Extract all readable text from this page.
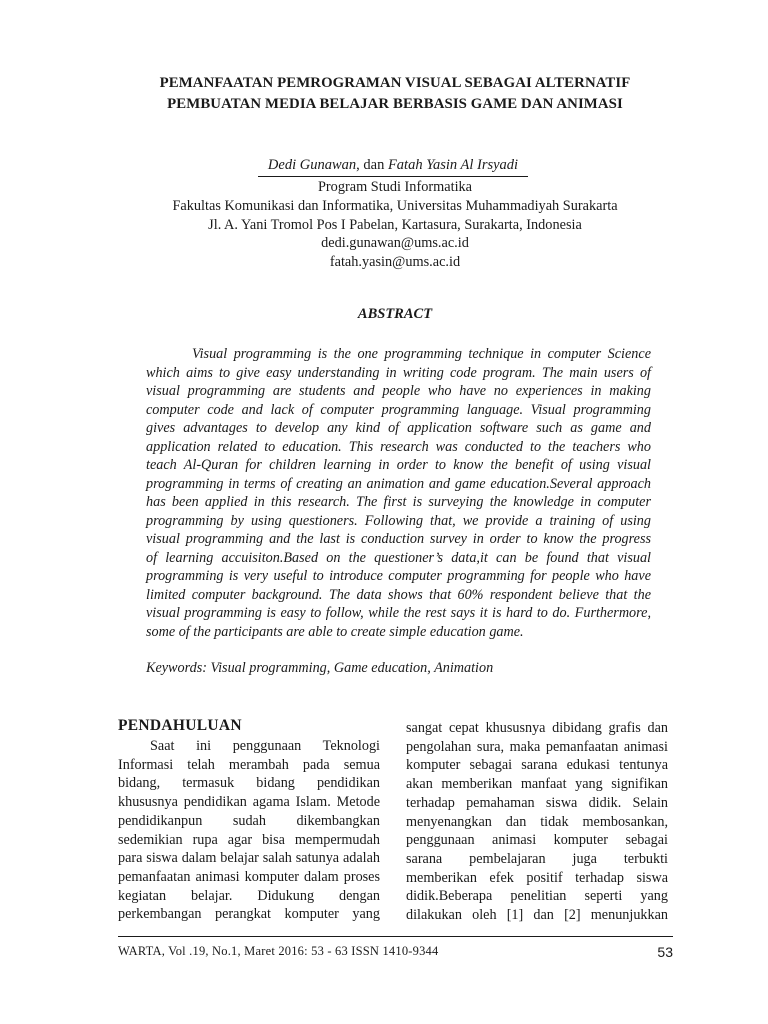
PEMANFAATAN PEMROGRAMAN VISUAL SEBAGAI ALTERNATIF
PEMBUATAN MEDIA BELAJAR BERBASIS GAME DAN ANIMASI
Dedi Gunawan, dan Fatah Yasin Al Irsyadi
Program Studi Informatika
Fakultas Komunikasi dan Informatika, Universitas Muhammadiyah Surakarta
Jl. A. Yani Tromol Pos I Pabelan, Kartasura, Surakarta, Indonesia
dedi.gunawan@ums.ac.id
fatah.yasin@ums.ac.id
ABSTRACT
Visual programming is the one programming technique in computer Science
which aims to give easy understanding in writing code program. The main users of
visual programming are students and people who have no experiences in making
computer code and lack of computer programming language. Visual programming
gives advantages to develop any kind of application software such as game and
application related to education. This research was conducted to the teachers who
teach Al-Quran for children learning in order to know the benefit of using visual
programming in terms of creating an animation and game education.Several approach
has been applied in this research. The first is surveying the knowledge in computer
programming by using questioners. Following that, we provide a training of using
visual programming and the last is conduction survey in order to know the progress
of learning accuisiton.Based on the questioner’s data,it can be found that visual
programming is very useful to introduce computer programming for people who have
limited computer background. The data shows that 60% respondent believe that the
visual programming is easy to follow, while the rest says it is hard to do. Furthermore,
some of the participants are able to create simple education game.
Keywords: Visual programming, Game education, Animation
PENDAHULUAN
Saat ini penggunaan Teknologi
Informasi telah merambah pada semua
bidang, termasuk bidang pendidikan
khususnya pendidikan agama Islam. Metode
pendidikanpun sudah dikembangkan
sedemikian rupa agar bisa mempermudah
para siswa dalam belajar salah satunya adalah
pemanfaatan animasi komputer dalam proses
kegiatan belajar. Didukung dengan
perkembangan perangkat komputer yang
sangat cepat khususnya dibidang grafis dan
pengolahan sura, maka pemanfaatan animasi
komputer sebagai sarana edukasi tentunya
akan memberikan manfaat yang signifikan
terhadap pemahaman siswa didik. Selain
menyenangkan dan tidak membosankan,
penggunaan animasi komputer sebagai
sarana pembelajaran juga terbukti
memberikan efek positif terhadap siswa
didik.Beberapa penelitian seperti yang
dilakukan oleh [1] dan [2] menunjukkan
WARTA, Vol .19, No.1, Maret 2016: 53 - 63 ISSN 1410-9344	53
